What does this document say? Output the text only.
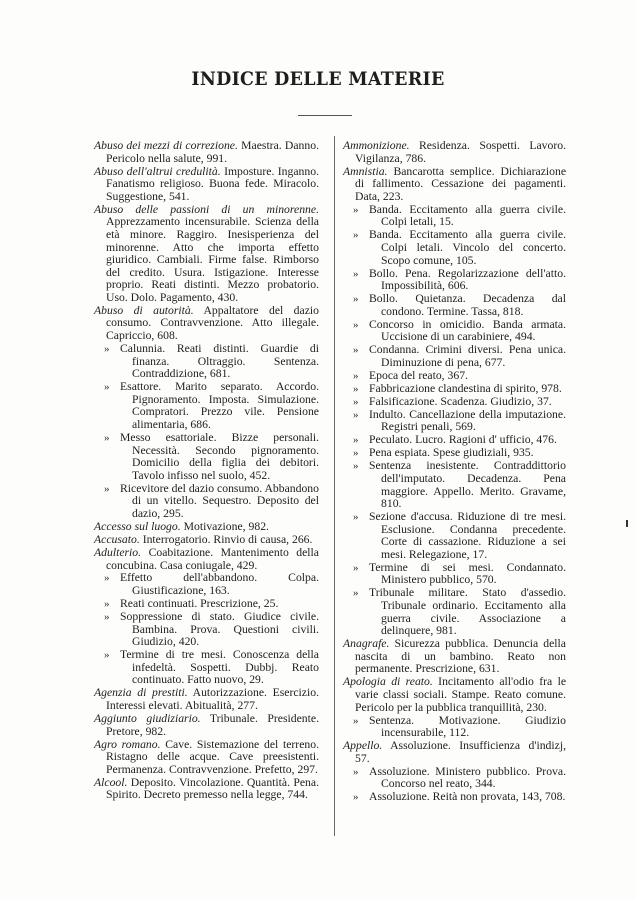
INDICE DELLE MATERIE
Abuso dei mezzi di correzione. Maestra. Danno. Pericolo nella salute, 991.
Abuso dell'altrui credulità. Imposture. Inganno. Fanatismo religioso. Buona fede. Miracolo. Suggestione, 541.
Abuso delle passioni di un minorenne. Apprezzamento incensurabile. Scienza della età minore. Raggiro. Inesisperienza del minorenne. Atto che importa effetto giuridico. Cambiali. Firme false. Rimborso del credito. Usura. Istigazione. Interesse proprio. Reati distinti. Mezzo probatorio. Uso. Dolo. Pagamento, 430.
Abuso di autorità. Appaltatore del dazio consumo. Contravvenzione. Atto illegale. Capriccio, 608.
» Calunnia. Reati distinti. Guardie di finanza. Oltraggio. Sentenza. Contraddizione, 681.
» Esattore. Marito separato. Accordo. Pignoramento. Imposta. Simulazione. Compratori. Prezzo vile. Pensione alimentaria, 686.
» Messo esattoriale. Bizze personali. Necessità. Secondo pignoramento. Domicilio della figlia dei debitori. Tavolo infisso nel suolo, 452.
» Ricevitore del dazio consumo. Abbandono di un vitello. Sequestro. Deposito del dazio, 295.
Accesso sul luogo. Motivazione, 982.
Accusato. Interrogatorio. Rinvio di causa, 266.
Adulterio. Coabitazione. Mantenimento della concubina. Casa coniugale, 429.
» Effetto dell'abbandono. Colpa. Giustificazione, 163.
» Reati continuati. Prescrizione, 25.
» Soppressione di stato. Giudice civile. Bambina. Prova. Questioni civili. Giudizio, 420.
» Termine di tre mesi. Conoscenza della infedeltà. Sospetti. Dubbj. Reato continuato. Fatto nuovo, 29.
Agenzia di prestiti. Autorizzazione. Esercizio. Interessi elevati. Abitualità, 277.
Aggiunto giudiziario. Tribunale. Presidente. Pretore, 982.
Agro romano. Cave. Sistemazione del terreno. Ristagno delle acque. Cave preesistenti. Permanenza. Contravvenzione. Prefetto, 297.
Alcool. Deposito. Vincolazione. Quantità. Pena. Spirito. Decreto premesso nella legge, 744.
Ammonizione. Residenza. Sospetti. Lavoro. Vigilanza, 786.
Amnistia. Bancarotta semplice. Dichiarazione di fallimento. Cessazione dei pagamenti. Data, 223.
» Banda. Eccitamento alla guerra civile. Colpi letali, 15.
» Banda. Eccitamento alla guerra civile. Colpi letali. Vincolo del concerto. Scopo comune, 105.
» Bollo. Pena. Regolarizzazione dell'atto. Impossibilità, 606.
» Bollo. Quietanza. Decadenza dal condono. Termine. Tassa, 818.
» Concorso in omicidio. Banda armata. Uccisione di un carabiniere, 494.
» Condanna. Crimini diversi. Pena unica. Diminuzione di pena, 677.
» Epoca del reato, 367.
» Fabbricazione clandestina di spirito, 978.
» Falsificazione. Scadenza. Giudizio, 37.
» Indulto. Cancellazione della imputazione. Registri penali, 569.
» Peculato. Lucro. Ragioni d' ufficio, 476.
» Pena espiata. Spese giudiziali, 935.
» Sentenza inesistente. Contraddittorio dell'imputato. Decadenza. Pena maggiore. Appello. Merito. Gravame, 810.
» Sezione d'accusa. Riduzione di tre mesi. Esclusione. Condanna precedente. Corte di cassazione. Riduzione a sei mesi. Relegazione, 17.
» Termine di sei mesi. Condannato. Ministero pubblico, 570.
» Tribunale militare. Stato d'assedio. Tribunale ordinario. Eccitamento alla guerra civile. Associazione a delinquere, 981.
Anagrafe. Sicurezza pubblica. Denuncia della nascita di un bambino. Reato non permanente. Prescrizione, 631.
Apologia di reato. Incitamento all'odio fra le varie classi sociali. Stampe. Reato comune. Pericolo per la pubblica tranquillità, 230.
» Sentenza. Motivazione. Giudizio incensurabile, 112.
Appello. Assoluzione. Insufficienza d'indizj, 57.
» Assoluzione. Ministero pubblico. Prova. Concorso nel reato, 344.
» Assoluzione. Reità non provata, 143, 708.
